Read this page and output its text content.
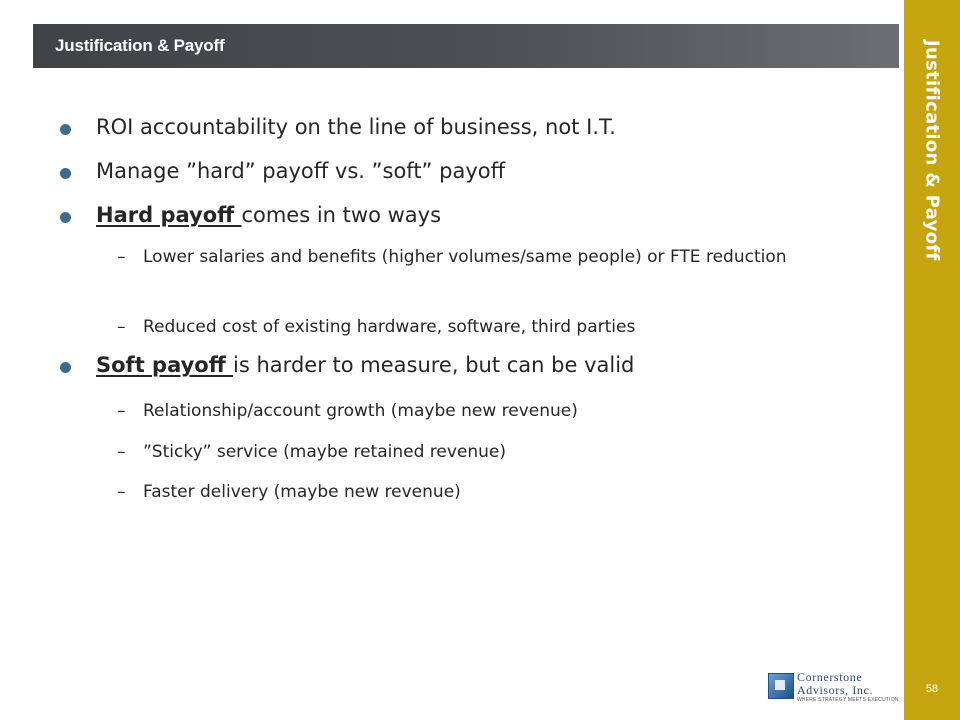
Justification & Payoff	Justification & Payoff
ROI accountability on the line of business, not I.T.
Manage ”hard” payoff vs. ”soft” payoff
Hard payoff comes in two ways
– Lower salaries and benefits (higher volumes/same people) or FTE reduction
– Reduced cost of existing hardware, software, third parties
Soft payoff is harder to measure, but can be valid
– Relationship/account growth (maybe new revenue)
– ”Sticky” service (maybe retained revenue)
– Faster delivery (maybe new revenue)
Cornerstone
Advisors, Inc.
WHERE STRATEGY MEETS EXECUTION
58
